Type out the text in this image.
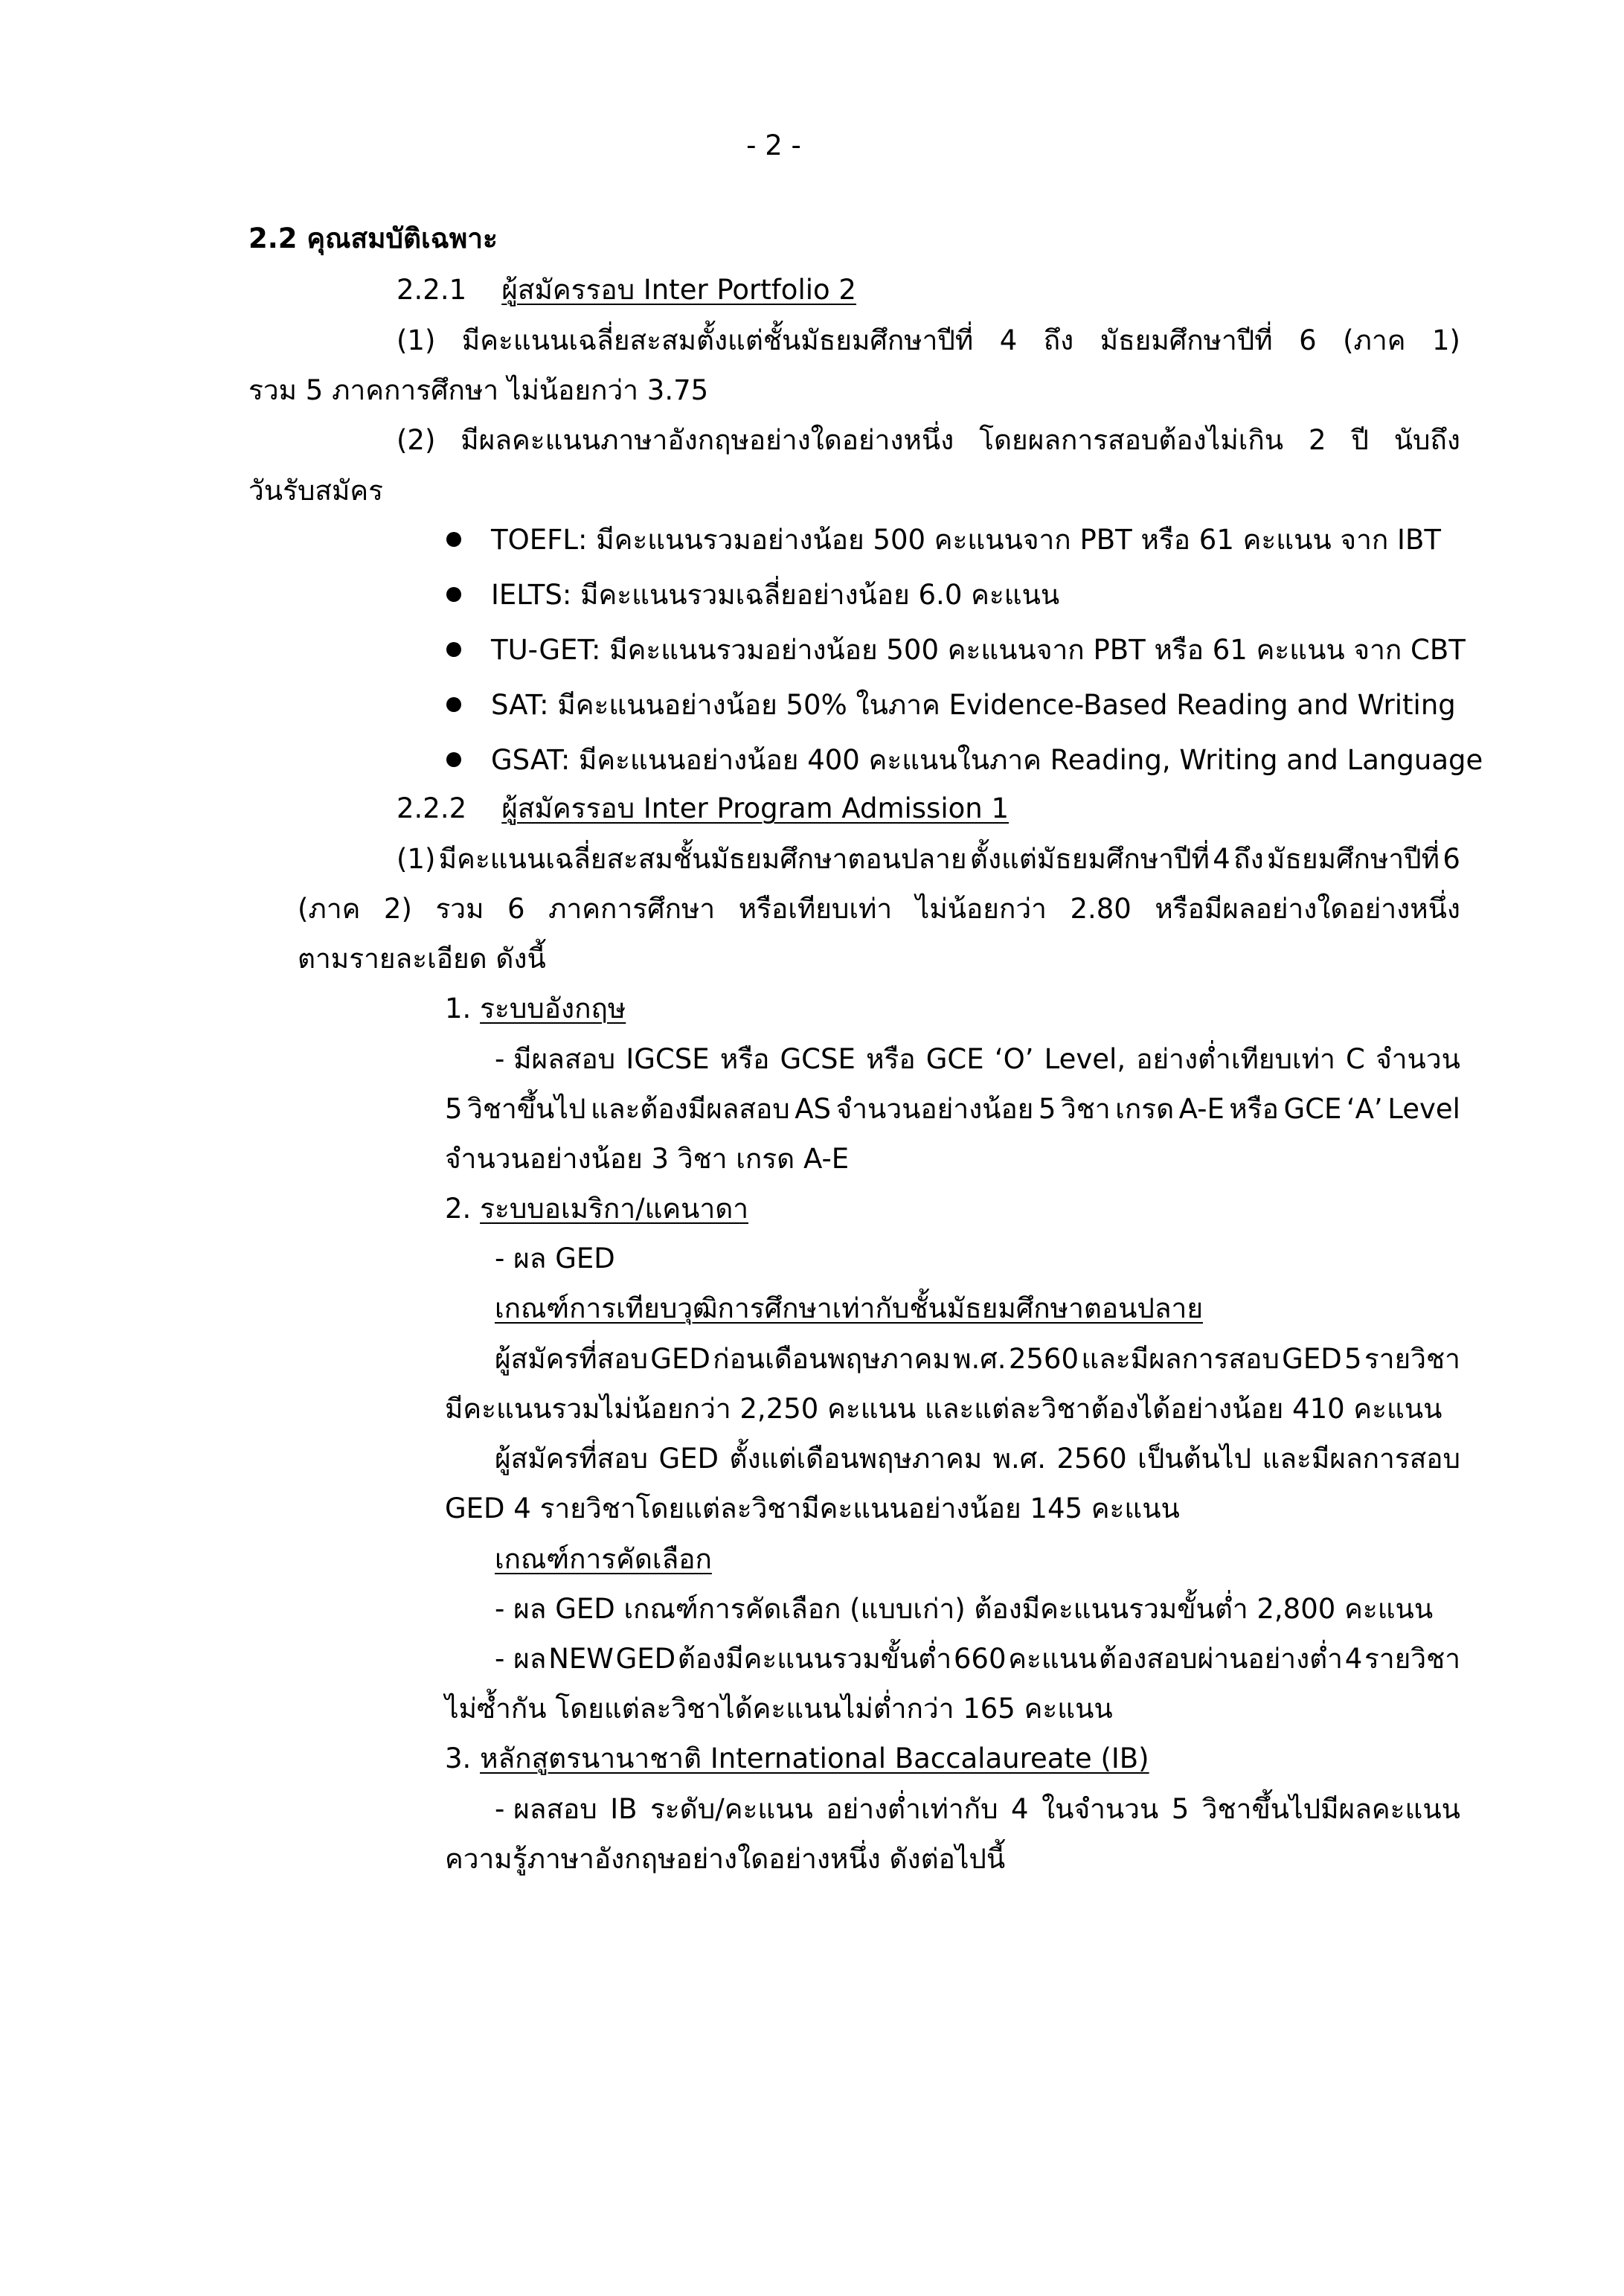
- 2 -
2.2 คุณสมบัติเฉพาะ
2.2.1 ผู้สมัครรอบ Inter Portfolio 2
(1) มีคะแนนเฉลี่ยสะสมตั้งแต่ชั้นมัธยมศึกษาปีที่ 4 ถึง มัธยมศึกษาปีที่ 6 (ภาค 1)
รวม 5 ภาคการศึกษา ไม่น้อยกว่า 3.75
(2) มีผลคะแนนภาษาอังกฤษอย่างใดอย่างหนึ่ง โดยผลการสอบต้องไม่เกิน 2 ปี นับถึง
วันรับสมัคร
TOEFL: มีคะแนนรวมอย่างน้อย 500 คะแนนจาก PBT หรือ 61 คะแนน จาก IBT
IELTS: มีคะแนนรวมเฉลี่ยอย่างน้อย 6.0 คะแนน
TU-GET: มีคะแนนรวมอย่างน้อย 500 คะแนนจาก PBT หรือ 61 คะแนน จาก CBT
SAT: มีคะแนนอย่างน้อย 50% ในภาค Evidence-Based Reading and Writing
GSAT: มีคะแนนอย่างน้อย 400 คะแนนในภาค Reading, Writing and Language
2.2.2 ผู้สมัครรอบ Inter Program Admission 1
(1) มีคะแนนเฉลี่ยสะสมชั้นมัธยมศึกษาตอนปลาย ตั้งแต่มัธยมศึกษาปีที่ 4 ถึง มัธยมศึกษาปีที่ 6
(ภาค 2) รวม 6 ภาคการศึกษา หรือเทียบเท่า ไม่น้อยกว่า 2.80 หรือมีผลอย่างใดอย่างหนึ่ง
ตามรายละเอียด ดังนี้
1. ระบบอังกฤษ
- มีผลสอบ IGCSE หรือ GCSE หรือ GCE ‘O’ Level, อย่างต่ำเทียบเท่า C จำนวน
5 วิชาขึ้นไป และต้องมีผลสอบ AS จำนวนอย่างน้อย 5 วิชา เกรด A-E หรือ GCE ‘A’ Level
จำนวนอย่างน้อย 3 วิชา เกรด A-E
2. ระบบอเมริกา/แคนาดา
- ผล GED
เกณฑ์การเทียบวุฒิการศึกษาเท่ากับชั้นมัธยมศึกษาตอนปลาย
ผู้สมัครที่สอบ GED ก่อนเดือนพฤษภาคม พ.ศ. 2560 และมีผลการสอบ GED 5 รายวิชา
มีคะแนนรวมไม่น้อยกว่า 2,250 คะแนน และแต่ละวิชาต้องได้อย่างน้อย 410 คะแนน
ผู้สมัครที่สอบ GED ตั้งแต่เดือนพฤษภาคม พ.ศ. 2560 เป็นต้นไป และมีผลการสอบ
GED 4 รายวิชาโดยแต่ละวิชามีคะแนนอย่างน้อย 145 คะแนน
เกณฑ์การคัดเลือก
- ผล GED เกณฑ์การคัดเลือก (แบบเก่า) ต้องมีคะแนนรวมขั้นต่ำ 2,800 คะแนน
- ผล NEW GED ต้องมีคะแนนรวมขั้นต่ำ 660 คะแนน ต้องสอบผ่านอย่างต่ำ 4 รายวิชา
ไม่ซ้ำกัน โดยแต่ละวิชาได้คะแนนไม่ต่ำกว่า 165 คะแนน
3. หลักสูตรนานาชาติ International Baccalaureate (IB)
- ผลสอบ IB ระดับ/คะแนน อย่างต่ำเท่ากับ 4 ในจำนวน 5 วิชาขึ้นไปมีผลคะแนน
ความรู้ภาษาอังกฤษอย่างใดอย่างหนึ่ง ดังต่อไปนี้
